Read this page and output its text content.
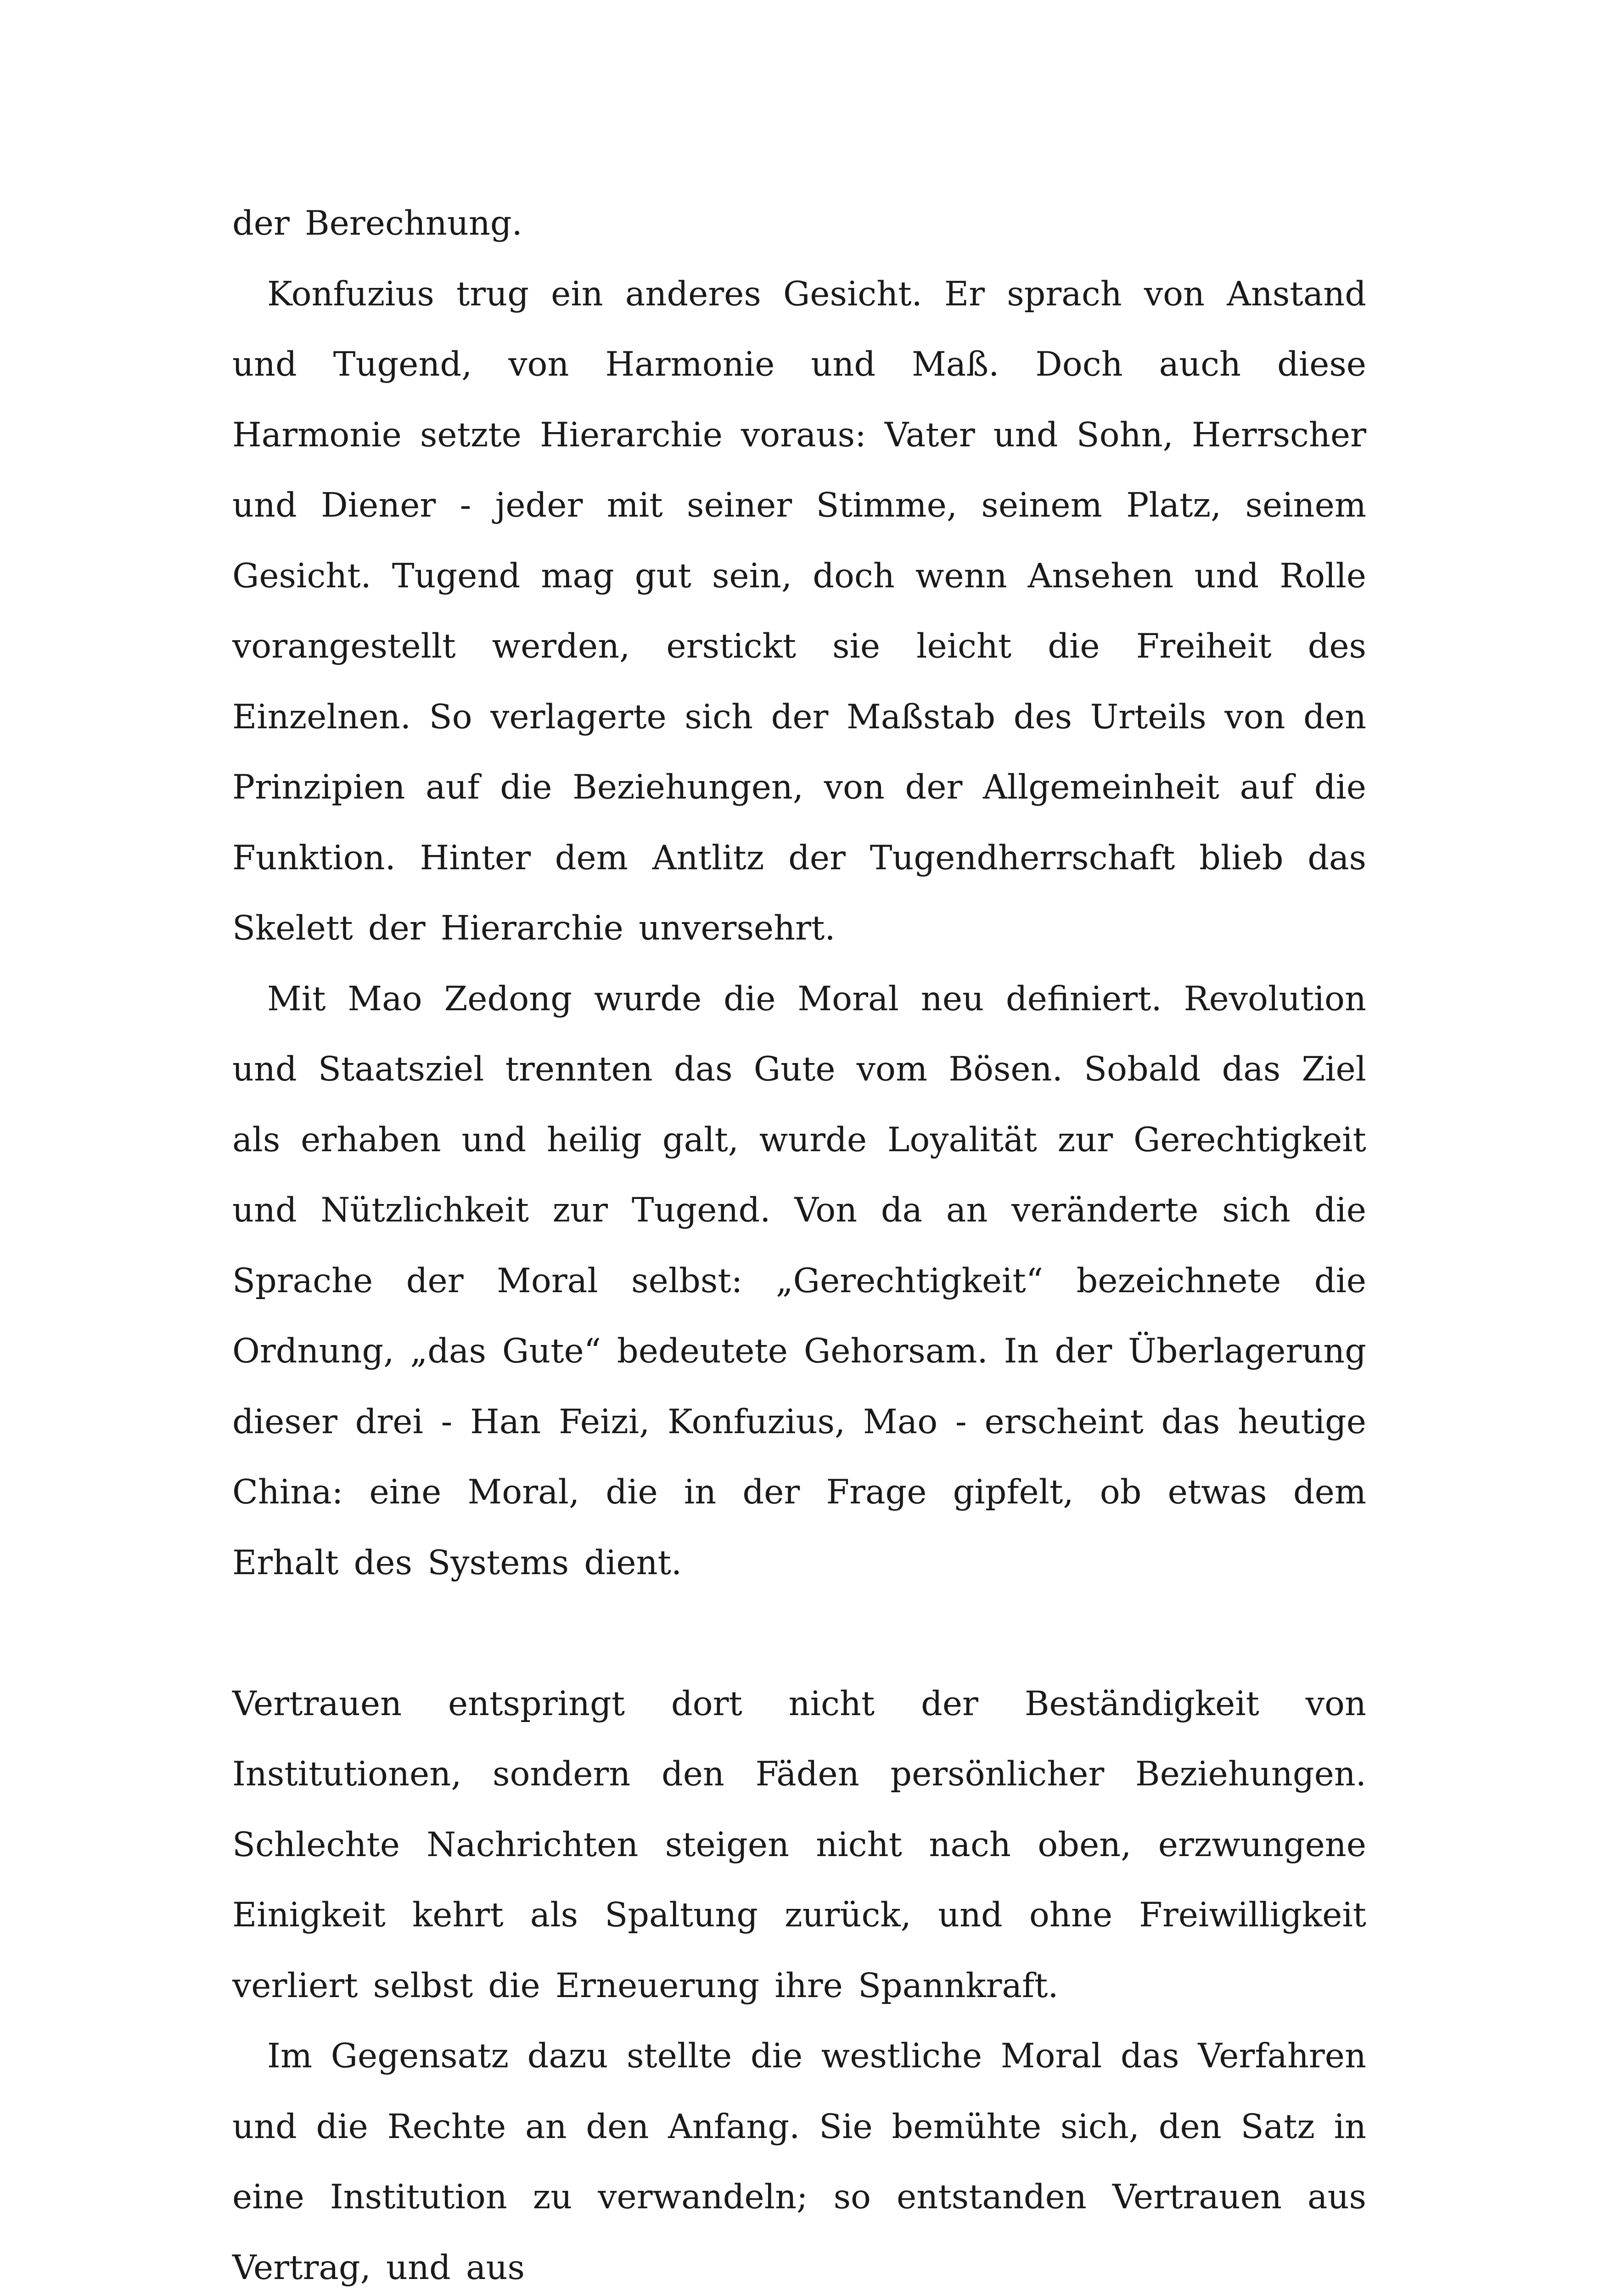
der Berechnung.

Konfuzius trug ein anderes Gesicht. Er sprach von Anstand und Tugend, von Harmonie und Maß. Doch auch diese Harmonie setzte Hierarchie voraus: Vater und Sohn, Herrscher und Diener - jeder mit seiner Stimme, seinem Platz, seinem Gesicht. Tugend mag gut sein, doch wenn Ansehen und Rolle vorangestellt werden, erstickt sie leicht die Freiheit des Einzelnen. So verlagerte sich der Maßstab des Urteils von den Prinzipien auf die Beziehungen, von der Allgemeinheit auf die Funktion. Hinter dem Antlitz der Tugendherrschaft blieb das Skelett der Hierarchie unversehrt.

Mit Mao Zedong wurde die Moral neu definiert. Revolution und Staatsziel trennten das Gute vom Bösen. Sobald das Ziel als erhaben und heilig galt, wurde Loyalität zur Gerechtigkeit und Nützlichkeit zur Tugend. Von da an veränderte sich die Sprache der Moral selbst: „Gerechtigkeit“ bezeichnete die Ordnung, „das Gute“ bedeutete Gehorsam. In der Überlagerung dieser drei - Han Feizi, Konfuzius, Mao - erscheint das heutige China: eine Moral, die in der Frage gipfelt, ob etwas dem Erhalt des Systems dient.

Vertrauen entspringt dort nicht der Beständigkeit von Institutionen, sondern den Fäden persönlicher Beziehungen. Schlechte Nachrichten steigen nicht nach oben, erzwungene Einigkeit kehrt als Spaltung zurück, und ohne Freiwilligkeit verliert selbst die Erneuerung ihre Spannkraft.

Im Gegensatz dazu stellte die westliche Moral das Verfahren und die Rechte an den Anfang. Sie bemühte sich, den Satz in eine Institution zu verwandeln; so entstanden Vertrauen aus Vertrag, und aus
